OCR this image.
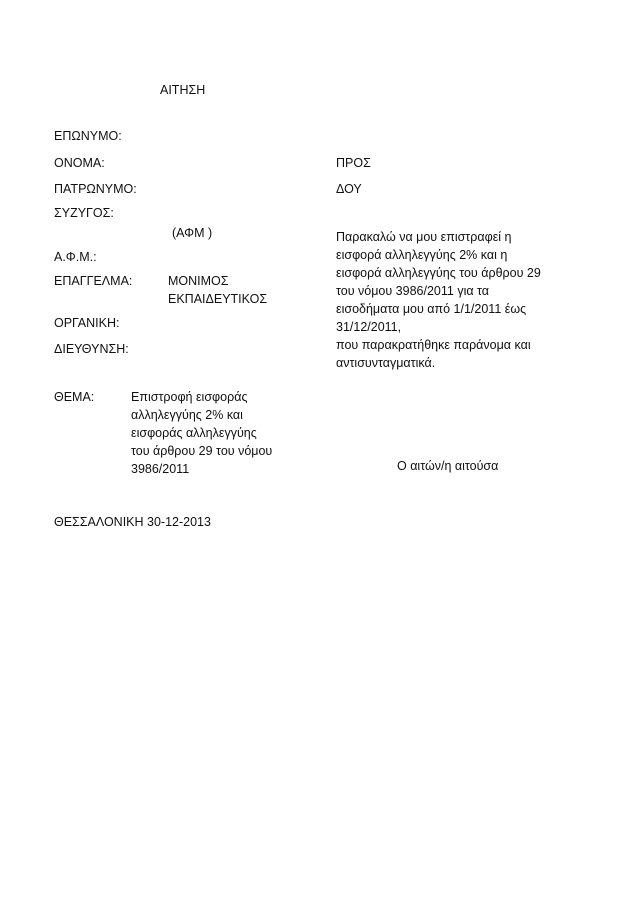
ΑΙΤΗΣΗ
ΕΠΩΝΥΜΟ:
ΟΝΟΜΑ:
ΠΑΤΡΩΝΥΜΟ:
ΣΥΖΥΓΟΣ:
(ΑΦΜ )
Α.Φ.Μ.:
ΕΠΑΓΓΕΛΜΑ:	ΜΟΝΙΜΟΣ
ΕΚΠΑΙΔΕΥΤΙΚΟΣ
ΟΡΓΑΝΙΚΗ:
ΔΙΕΥΘΥΝΣΗ:
ΘΕΜΑ:	Επιστροφή εισφοράς
αλληλεγγύης 2% και
εισφοράς αλληλεγγύης
του άρθρου 29 του νόμου
3986/2011
ΘΕΣΣΑΛΟΝΙΚΗ 30-12-2013
ΠΡΟΣ
ΔΟΥ
Παρακαλώ να μου επιστραφεί η
εισφορά αλληλεγγύης 2% και η
εισφορά αλληλεγγύης του άρθρου 29
του νόμου 3986/2011 για τα
εισοδήματα μου από 1/1/2011 έως
31/12/2011,
που παρακρατήθηκε παράνομα και
αντισυνταγματικά.
Ο αιτών/η αιτούσα
